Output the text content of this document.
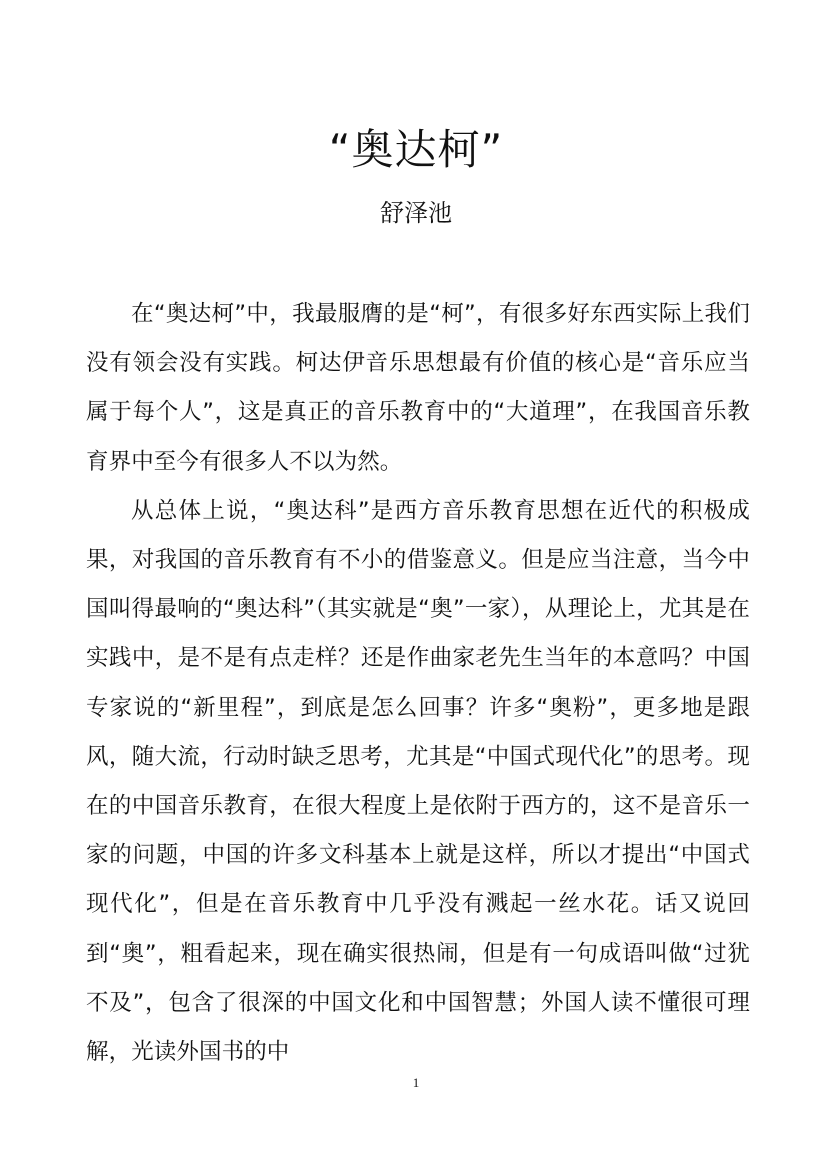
“奥达柯”
舒泽池

在“奥达柯”中，我最服膺的是“柯”，有很多好东西实际上我们没有领会没有实践。柯达伊音乐思想最有价值的核心是“音乐应当属于每个人”，这是真正的音乐教育中的“大道理”，在我国音乐教育界中至今有很多人不以为然。

从总体上说，“奥达科”是西方音乐教育思想在近代的积极成果，对我国的音乐教育有不小的借鉴意义。但是应当注意，当今中国叫得最响的“奥达科”（其实就是“奥”一家），从理论上，尤其是在实践中，是不是有点走样？还是作曲家老先生当年的本意吗？中国专家说的“新里程”，到底是怎么回事？许多“奥粉”，更多地是跟风，随大流，行动时缺乏思考，尤其是“中国式现代化”的思考。现在的中国音乐教育，在很大程度上是依附于西方的，这不是音乐一家的问题，中国的许多文科基本上就是这样，所以才提出“中国式现代化”，但是在音乐教育中几乎没有溅起一丝水花。话又说回到“奥”，粗看起来，现在确实很热闹，但是有一句成语叫做“过犹不及”，包含了很深的中国文化和中国智慧；外国人读不懂很可理解，光读外国书的中

1
